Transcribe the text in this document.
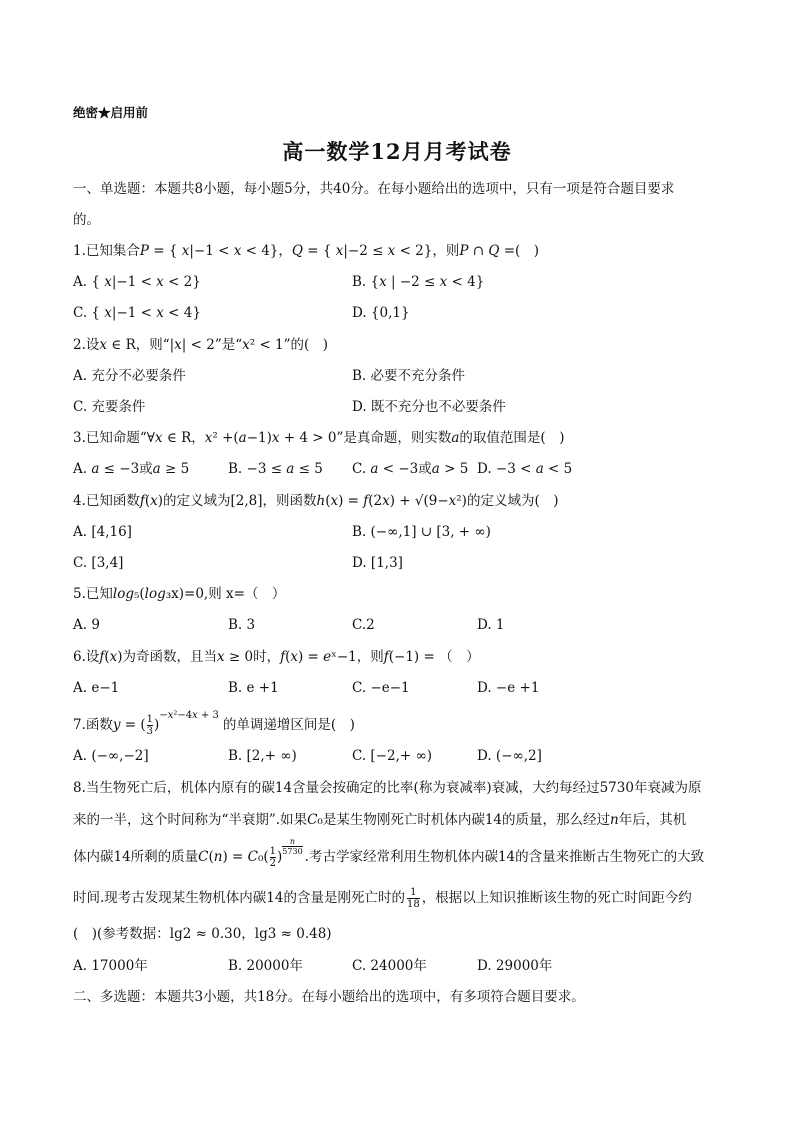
绝密★启用前
高一数学12月月考试卷
一、单选题：本题共8小题，每小题5分，共40分。在每小题给出的选项中，只有一项是符合题目要求
的。
1.已知集合𝑃 = { 𝑥|−1 < 𝑥 < 4}，𝑄 = { 𝑥|−2 ≤ 𝑥 < 2}，则𝑃 ∩ 𝑄 =(　)
A. { 𝑥|−1 < 𝑥 < 2}	B. {𝑥 | −2 ≤ 𝑥 < 4}
C. { 𝑥|−1 < 𝑥 < 4}	D. {0,1}
2.设𝑥 ∈ R，则“|𝑥| < 2”是“𝑥² < 1”的(　)
A. 充分不必要条件	B. 必要不充分条件
C. 充要条件	D. 既不充分也不必要条件
3.已知命题“∀𝑥 ∈ R，𝑥² +(𝑎−1)𝑥 + 4 > 0”是真命题，则实数𝑎的取值范围是(　)
A. 𝑎 ≤ −3或𝑎 ≥ 5	B. −3 ≤ 𝑎 ≤ 5 C. 𝑎 < −3或𝑎 > 5 D. −3 < 𝑎 < 5
4.已知函数𝑓(𝑥)的定义域为[2,8]，则函数ℎ(𝑥) = 𝑓(2𝑥) + √(9−𝑥²)的定义域为(　)
A. [4,16]	B. (−∞,1] ∪ [3, + ∞)
C. [3,4]	D. [1,3]
5.已知𝑙𝑜𝑔₅(𝑙𝑜𝑔₃x)=0,则 x=（　）
A. 9	B. 3	C.2	D. 1
6.设𝑓(𝑥)为奇函数，且当𝑥 ≥ 0时，𝑓(𝑥) = 𝑒ˣ−1，则𝑓(−1) = （　）
A. e−1	B. e +1	C. −e−1	D. −e +1
7.函数𝑦 = ( $\frac{1}{3}$ )−𝑥²−4𝑥 + 3的单调递增区间是(　)
A. (−∞,−2]	B. [2,+ ∞)	C. [−2,+ ∞)	D. (−∞,2]
8.当生物死亡后，机体内原有的碳14含量会按确定的比率(称为衰减率)衰减，大约每经过5730年衰减为原
来的一半，这个时间称为“半衰期”.如果𝐶₀是某生物刚死亡时机体内碳14的质量，那么经过𝑛年后，其机
体内碳14所剩的质量𝐶(𝑛) = 𝐶₀( $\frac{1}{2}$ )
𝑛
5730 .考古学家经常利用生物机体内碳14的含量来推断古生物死亡的大致
时间.现考古发现某生物机体内碳14的含量是刚死亡时的 $\frac{1}{18}$ ，根据以上知识推断该生物的死亡时间距今约
(　)(参考数据：lg2 ≈ 0.30，lg3 ≈ 0.48)
A. 17000年	B. 20000年	C. 24000年	D. 29000年
二、多选题：本题共3小题，共18分。在每小题给出的选项中，有多项符合题目要求。
